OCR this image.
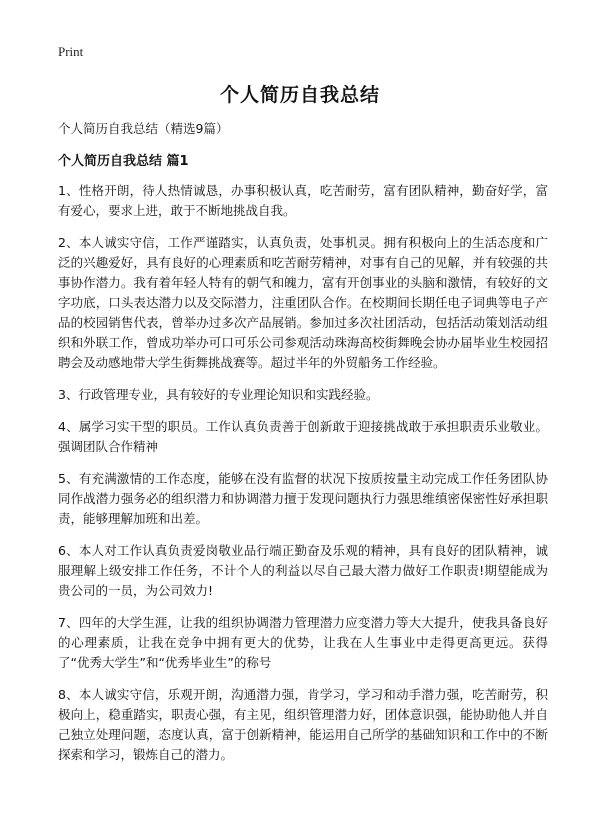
Print
个人简历自我总结
个人简历自我总结（精选9篇）
个人简历自我总结 篇1

1、性格开朗，待人热情诚恳，办事积极认真，吃苦耐劳，富有团队精神，勤奋好学，富有爱心，要求上进，敢于不断地挑战自我。

2、本人诚实守信，工作严谨踏实，认真负责，处事机灵。拥有积极向上的生活态度和广泛的兴趣爱好，具有良好的心理素质和吃苦耐劳精神，对事有自己的见解，并有较强的共事协作潜力。我有着年轻人特有的朝气和魄力，富有开创事业的头脑和激情，有较好的文字功底，口头表达潜力以及交际潜力，注重团队合作。在校期间长期任电子词典等电子产品的校园销售代表，曾举办过多次产品展销。参加过多次社团活动，包括活动策划活动组织和外联工作，曾成功举办可口可乐公司参观活动珠海高校街舞晚会协办届毕业生校园招聘会及动感地带大学生街舞挑战赛等。超过半年的外贸船务工作经验。

3、行政管理专业，具有较好的专业理论知识和实践经验。

4、属学习实干型的职员。工作认真负责善于创新敢于迎接挑战敢于承担职责乐业敬业。强调团队合作精神

5、有充满激情的工作态度，能够在没有监督的状况下按质按量主动完成工作任务团队协同作战潜力强务必的组织潜力和协调潜力擅于发现问题执行力强思维缜密保密性好承担职责，能够理解加班和出差。

6、本人对工作认真负责爱岗敬业品行端正勤奋及乐观的精神，具有良好的团队精神，诚服理解上级安排工作任务，不计个人的利益以尽自己最大潜力做好工作职责!期望能成为贵公司的一员，为公司效力!

7、四年的大学生涯，让我的组织协调潜力管理潜力应变潜力等大大提升，使我具备良好的心理素质，让我在竞争中拥有更大的优势，让我在人生事业中走得更高更远。获得了“优秀大学生”和“优秀毕业生”的称号

8、本人诚实守信，乐观开朗，沟通潜力强，肯学习，学习和动手潜力强，吃苦耐劳，积极向上，稳重踏实，职责心强，有主见，组织管理潜力好，团体意识强，能协助他人并自己独立处理问题，态度认真，富于创新精神，能运用自己所学的基础知识和工作中的不断探索和学习，锻炼自己的潜力。
